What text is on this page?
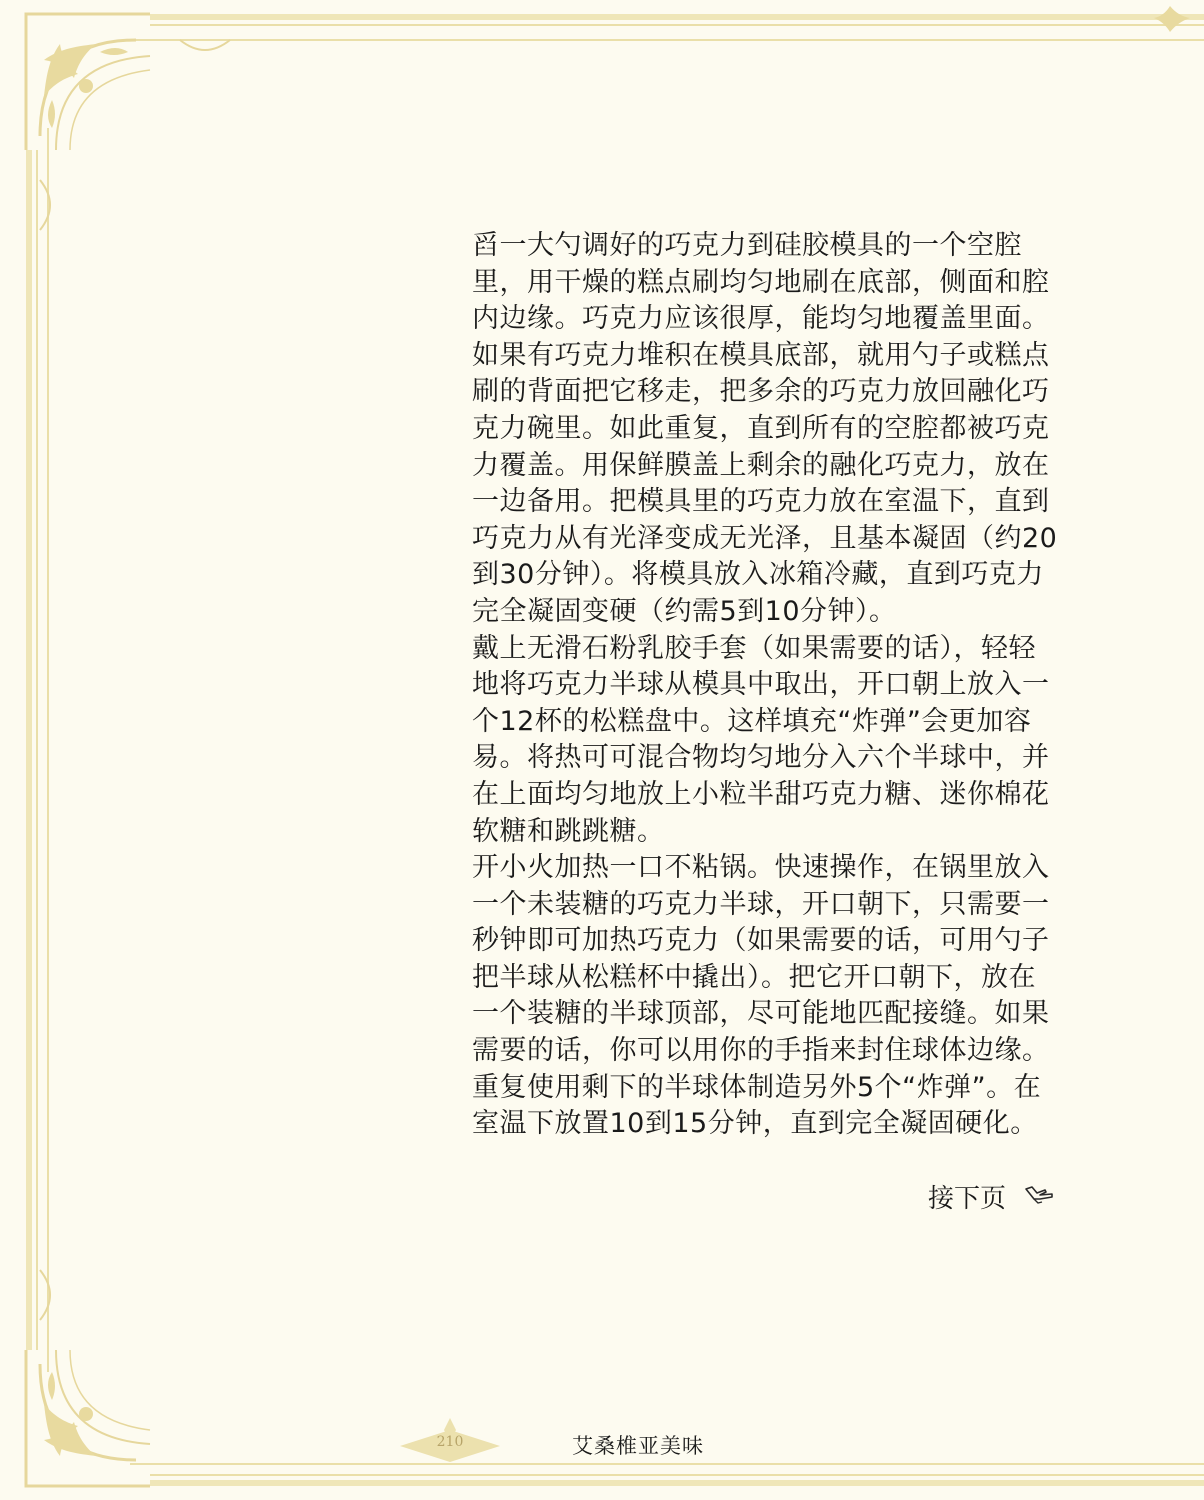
舀一大勺调好的巧克力到硅胶模具的一个空腔
里，用干燥的糕点刷均匀地刷在底部，侧面和腔
内边缘。巧克力应该很厚，能均匀地覆盖里面。
如果有巧克力堆积在模具底部，就用勺子或糕点
刷的背面把它移走，把多余的巧克力放回融化巧
克力碗里。如此重复，直到所有的空腔都被巧克
力覆盖。用保鲜膜盖上剩余的融化巧克力，放在
一边备用。把模具里的巧克力放在室温下，直到
巧克力从有光泽变成无光泽，且基本凝固（约20
到30分钟）。将模具放入冰箱冷藏，直到巧克力
完全凝固变硬（约需5到10分钟）。

戴上无滑石粉乳胶手套（如果需要的话），轻轻
地将巧克力半球从模具中取出，开口朝上放入一
个12杯的松糕盘中。这样填充“炸弹”会更加容
易。将热可可混合物均匀地分入六个半球中，并
在上面均匀地放上小粒半甜巧克力糖、迷你棉花
软糖和跳跳糖。

开小火加热一口不粘锅。快速操作，在锅里放入
一个未装糖的巧克力半球，开口朝下，只需要一
秒钟即可加热巧克力（如果需要的话，可用勺子
把半球从松糕杯中撬出）。把它开口朝下，放在
一个装糖的半球顶部，尽可能地匹配接缝。如果
需要的话，你可以用你的手指来封住球体边缘。
重复使用剩下的半球体制造另外5个“炸弹”。在
室温下放置10到15分钟，直到完全凝固硬化。

接下页
210	艾桑椎亚美味
